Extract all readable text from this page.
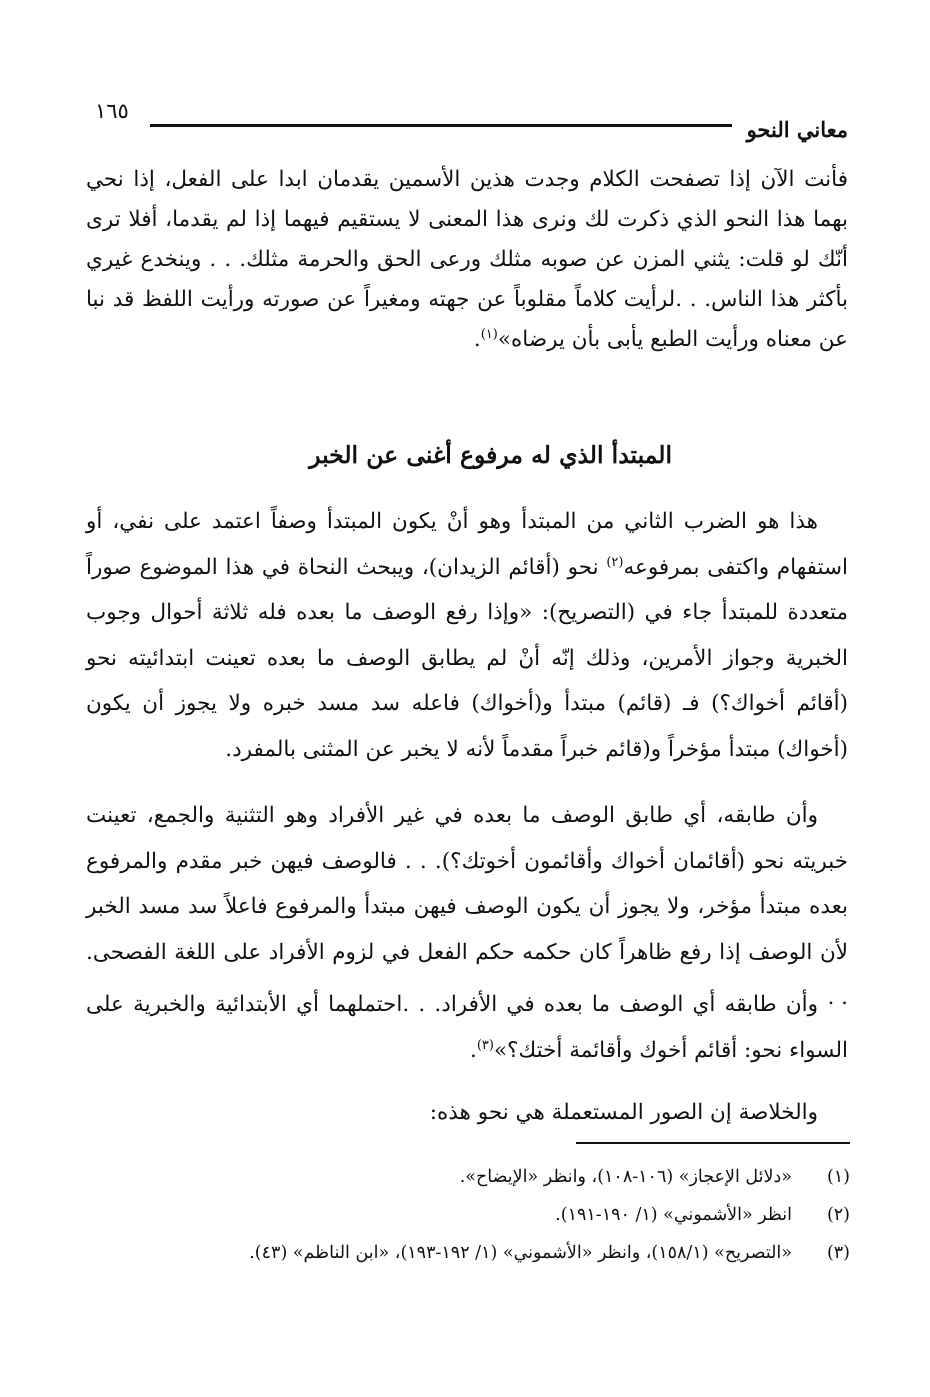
معاني النحو
١٦٥

فأنت الآن إذا تصفحت الكلام وجدت هذين الأسمين يقدمان ابدا على الفعل، إذا نحي بهما هذا النحو الذي ذكرت لك ونرى هذا المعنى لا يستقيم فيهما إذا لم يقدما، أفلا ترى أنّك لو قلت: يثني المزن عن صوبه مثلك ورعى الحق والحرمة مثلك. . . وينخدع غيري بأكثر هذا الناس. . .لرأيت كلاماً مقلوباً عن جهته ومغيراً عن صورته ورأيت اللفظ قد نبا عن معناه ورأيت الطبع يأبى بأن يرضاه»$^{(١)}$.

المبتدأ الذي له مرفوع أغنى عن الخبر

هذا هو الضرب الثاني من المبتدأ وهو أنْ يكون المبتدأ وصفاً اعتمد على نفي، أو استفهام واكتفى بمرفوعه$^{(٢)}$ نحو (أقائم الزيدان)، ويبحث النحاة في هذا الموضوع صوراً متعددة للمبتدأ جاء في (التصريح): «وإذا رفع الوصف ما بعده فله ثلاثة أحوال وجوب الخبرية وجواز الأمرين، وذلك إنّه أنْ لم يطابق الوصف ما بعده تعينت ابتدائيته نحو (أقائم أخواك؟) فـ (قائم) مبتدأ و(أخواك) فاعله سد مسد خبره ولا يجوز أن يكون (أخواك) مبتدأ مؤخراً و(قائم خبراً مقدماً لأنه لا يخبر عن المثنى بالمفرد.

وأن طابقه، أي طابق الوصف ما بعده في غير الأفراد وهو التثنية والجمع، تعينت خبريته نحو (أقائمان أخواك وأقائمون أخوتك؟). . . فالوصف فيهن خبر مقدم والمرفوع بعده مبتدأ مؤخر، ولا يجوز أن يكون الوصف فيهن مبتدأ والمرفوع فاعلاً سد مسد الخبر لأن الوصف إذا رفع ظاهراً كان حكمه حكم الفعل في لزوم الأفراد على اللغة الفصحى. . .

وأن طابقه أي الوصف ما بعده في الأفراد. . .احتملهما أي الأبتدائية والخبرية على السواء نحو: أقائم أخوك وأقائمة أختك؟»$^{(٣)}$.

والخلاصة إن الصور المستعملة هي نحو هذه:

(١)
«دلائل الإعجاز» (١٠٦-١٠٨)، وانظر «الإيضاح».
(٢)
انظر «الأشموني» (١/ ١٩٠-١٩١).
(٣)
«التصريح» (١٥٨/١)، وانظر «الأشموني» (١/ ١٩٢-١٩٣)، «ابن الناظم» (٤٣).
